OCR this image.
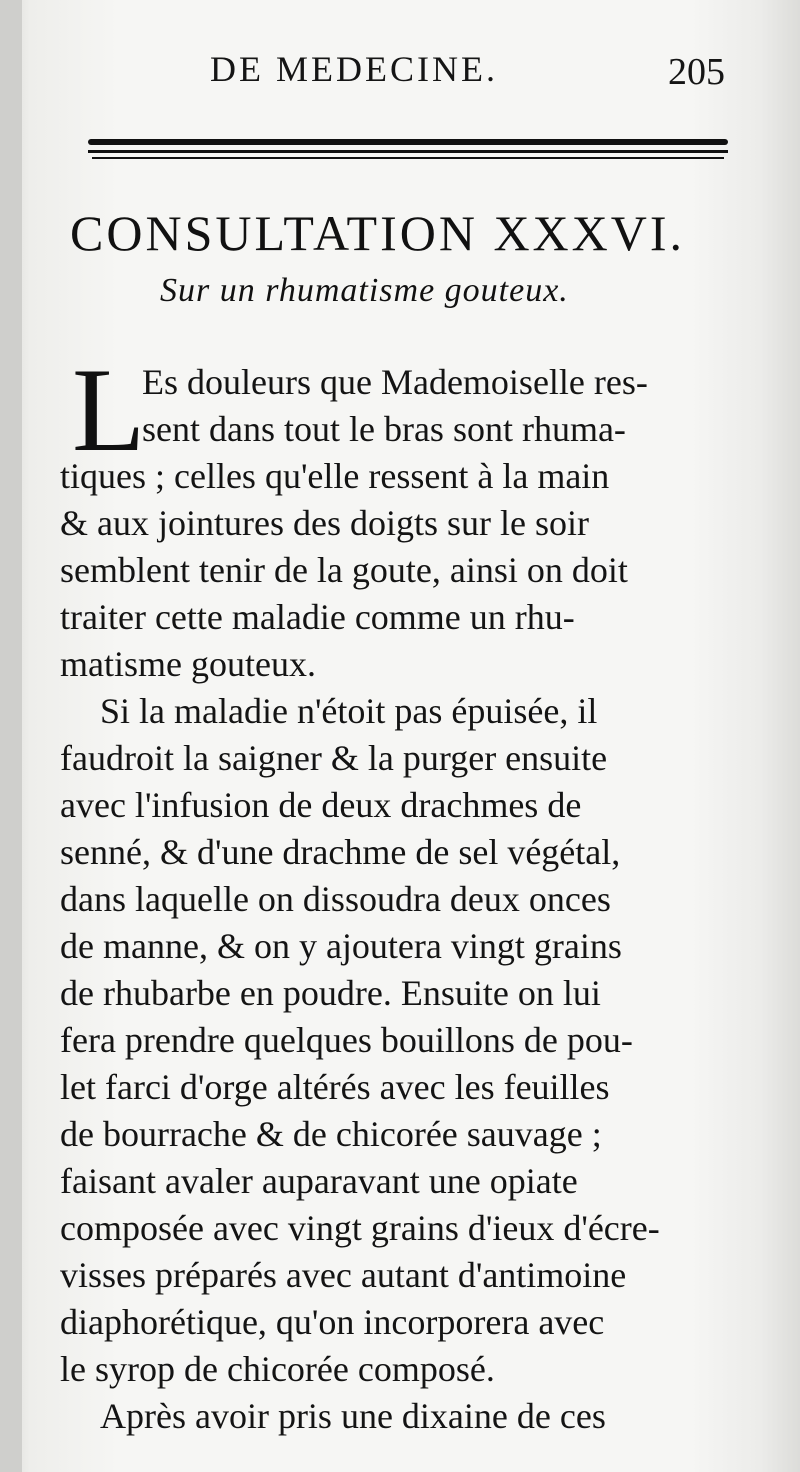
DE MEDECINE.	205
CONSULTATION XXXVI.
Sur un rhumatisme gouteux.
L
Es douleurs que Mademoiselle res-
sent dans tout le bras sont rhuma-
tiques ; celles qu'elle ressent à la main
& aux jointures des doigts sur le soir
semblent tenir de la goute, ainsi on doit
traiter cette maladie comme un rhu-
matisme gouteux.
Si la maladie n'étoit pas épuisée, il
faudroit la saigner & la purger ensuite
avec l'infusion de deux drachmes de
senné, & d'une drachme de sel végétal,
dans laquelle on dissoudra deux onces
de manne, & on y ajoutera vingt grains
de rhubarbe en poudre. Ensuite on lui
fera prendre quelques bouillons de pou-
let farci d'orge altérés avec les feuilles
de bourrache & de chicorée sauvage ;
faisant avaler auparavant une opiate
composée avec vingt grains d'ieux d'écre-
visses préparés avec autant d'antimoine
diaphorétique, qu'on incorporera avec
le syrop de chicorée composé.
Après avoir pris une dixaine de ces
